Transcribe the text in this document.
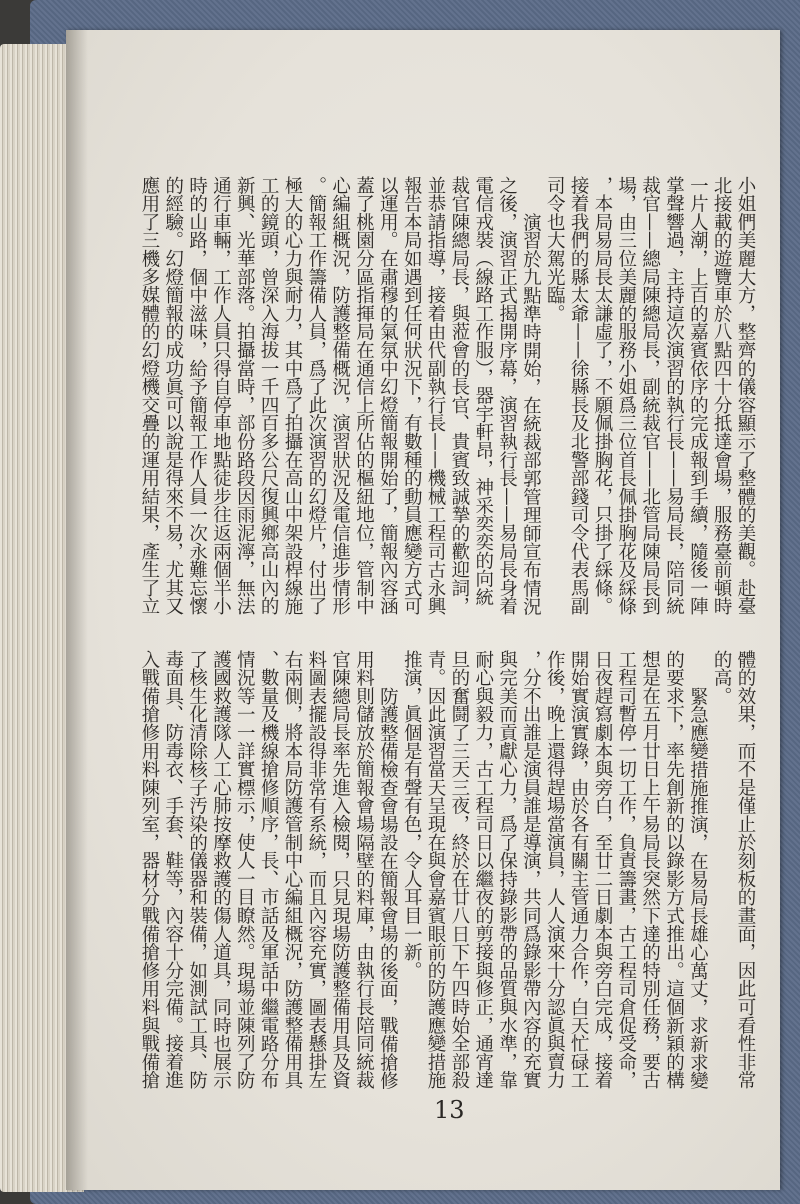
小姐們美麗大方，整齊的儀容顯示了整體的美觀。赴臺
北接載的遊覽車於八點四十分抵達會場，服務臺前頓時
一片人潮，上百的嘉賓依序的完成報到手續，隨後一陣
掌聲響過，主持這次演習的執行長——易局長，陪同統
裁官——總局陳總局長，副統裁官——北管局陳局長到
場，由三位美麗的服務小姐爲三位首長佩掛胸花及綵條
，本局易局長太謙虛了，不願佩掛胸花，只掛了綵條。
接着我們的縣太爺——徐縣長及北警部錢司令代表馬副
司令也大駕光臨。
演習於九點準時開始，在統裁部郭管理師宣布情況
之後，演習正式揭開序幕，演習執行長——易局長身着
電信戎裝（線路工作服），器宇軒昂，神采奕奕的向統
裁官陳總局長，與蒞會的長官、貴賓致誠摯的歡迎詞，
並恭請指導，接着由代副執行長——機械工程司古永興
報告本局如遇到任何狀況下，有數種的動員應變方式可
以運用。在肅穆的氣氛中幻燈簡報開始了，簡報內容涵
蓋了桃園分區指揮局在通信上所佔的樞紐地位，管制中
心編組概況，防護整備概況，演習狀況及電信進步情形
。簡報工作籌備人員，爲了此次演習的幻燈片，付出了
極大的心力與耐力，其中爲了拍攝在高山中架設桿線施
工的鏡頭，曾深入海拔一千四百多公尺復興鄉高山內的
新興、光華部落。拍攝當時，部份路段因雨泥濘，無法
通行車輛，工作人員只得自停車地點徒步往返兩個半小
時的山路，個中滋味，給予簡報工作人員一次永難忘懷
的經驗。幻燈簡報的成功眞可以說是得來不易，尤其又
應用了三機多媒體的幻燈機交疊的運用結果，產生了立
體的效果，而不是僅止於刻板的畫面，因此可看性非常
的高。
緊急應變措施推演，在易局長雄心萬丈，求新求變
的要求下，率先創新的以錄影方式推出。這個新穎的構
想是在五月廿日上午易局長突然下達的特別任務，要古
工程司暫停一切工作，負責籌畫，古工程司倉促受命，
日夜趕寫劇本與旁白，至廿二日劇本與旁白完成，接着
開始實演實錄，由於各有關主管通力合作，白天忙碌工
作後，晚上還得趕場當演員，人人演來十分認眞與賣力
，分不出誰是演員誰是導演，共同爲錄影帶內容的充實
與完美而貢獻心力，爲了保持錄影帶的品質與水準，靠
耐心與毅力，古工程司日以繼夜的剪接與修正，通宵達
旦的奮鬪了三天三夜，終於在廿八日下午四時始全部殺
青。因此演習當天呈現在與會嘉賓眼前的防護應變措施
推演，眞個是有聲有色，令人耳目一新。
防護整備檢查會場設在簡報會場的後面，戰備搶修
用料則儲放於簡報會場隔壁的料庫，由執行長陪同統裁
官陳總局長率先進入檢閱，只見現場防護整備用具及資
料圖表擺設得非常有系統，而且內容充實，圖表懸掛左
右兩側，將本局防護管制中心編組概況，防護整備用具
、數量及機線搶修順序，長、市話及軍話中繼電路分布
情況等一一詳實標示，使人一目瞭然。現場並陳列了防
護國救護隊人工心肺按摩救護的傷人道具，同時也展示
了核生化清除核子汚染的儀器和裝備，如測試工具、防
毒面具、防毒衣、手套、鞋等，內容十分完備。接着進
入戰備搶修用料陳列室，器材分戰備搶修用料與戰備搶
13
